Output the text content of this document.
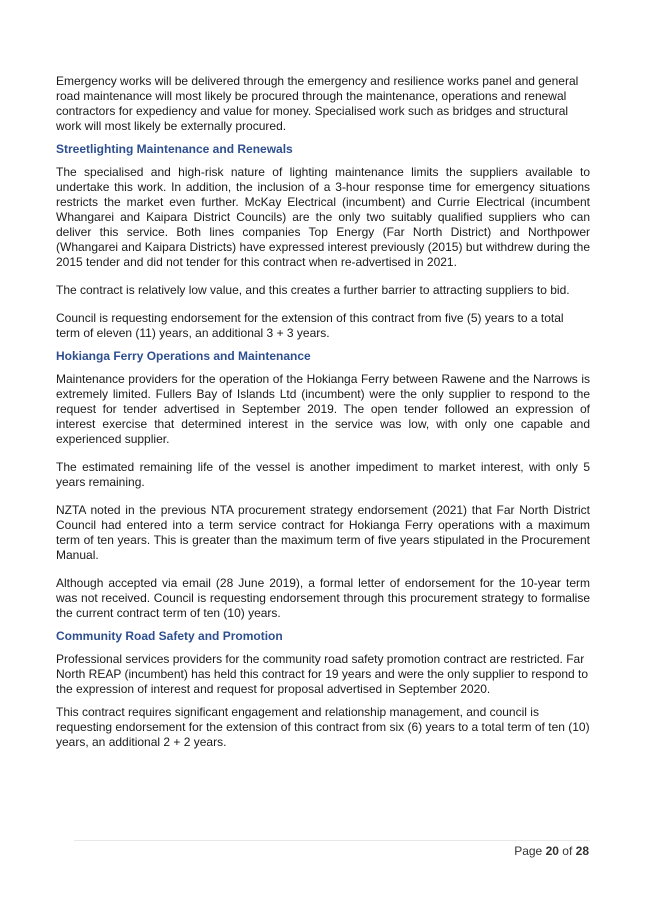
Emergency works will be delivered through the emergency and resilience works panel and general road maintenance will most likely be procured through the maintenance, operations and renewal contractors for expediency and value for money. Specialised work such as bridges and structural work will most likely be externally procured.

Streetlighting Maintenance and Renewals

The specialised and high-risk nature of lighting maintenance limits the suppliers available to undertake this work. In addition, the inclusion of a 3-hour response time for emergency situations restricts the market even further. McKay Electrical (incumbent) and Currie Electrical (incumbent Whangarei and Kaipara District Councils) are the only two suitably qualified suppliers who can deliver this service. Both lines companies Top Energy (Far North District) and Northpower (Whangarei and Kaipara Districts) have expressed interest previously (2015) but withdrew during the 2015 tender and did not tender for this contract when re-advertised in 2021.

The contract is relatively low value, and this creates a further barrier to attracting suppliers to bid.

Council is requesting endorsement for the extension of this contract from five (5) years to a total term of eleven (11) years, an additional 3 + 3 years.

Hokianga Ferry Operations and Maintenance

Maintenance providers for the operation of the Hokianga Ferry between Rawene and the Narrows is extremely limited. Fullers Bay of Islands Ltd (incumbent) were the only supplier to respond to the request for tender advertised in September 2019. The open tender followed an expression of interest exercise that determined interest in the service was low, with only one capable and experienced supplier.

The estimated remaining life of the vessel is another impediment to market interest, with only 5 years remaining.

NZTA noted in the previous NTA procurement strategy endorsement (2021) that Far North District Council had entered into a term service contract for Hokianga Ferry operations with a maximum term of ten years. This is greater than the maximum term of five years stipulated in the Procurement Manual.

Although accepted via email (28 June 2019), a formal letter of endorsement for the 10-year term was not received. Council is requesting endorsement through this procurement strategy to formalise the current contract term of ten (10) years.

Community Road Safety and Promotion

Professional services providers for the community road safety promotion contract are restricted. Far North REAP (incumbent) has held this contract for 19 years and were the only supplier to respond to the expression of interest and request for proposal advertised in September 2020.

This contract requires significant engagement and relationship management, and council is requesting endorsement for the extension of this contract from six (6) years to a total term of ten (10) years, an additional 2 + 2 years.

Page 20 of 28
